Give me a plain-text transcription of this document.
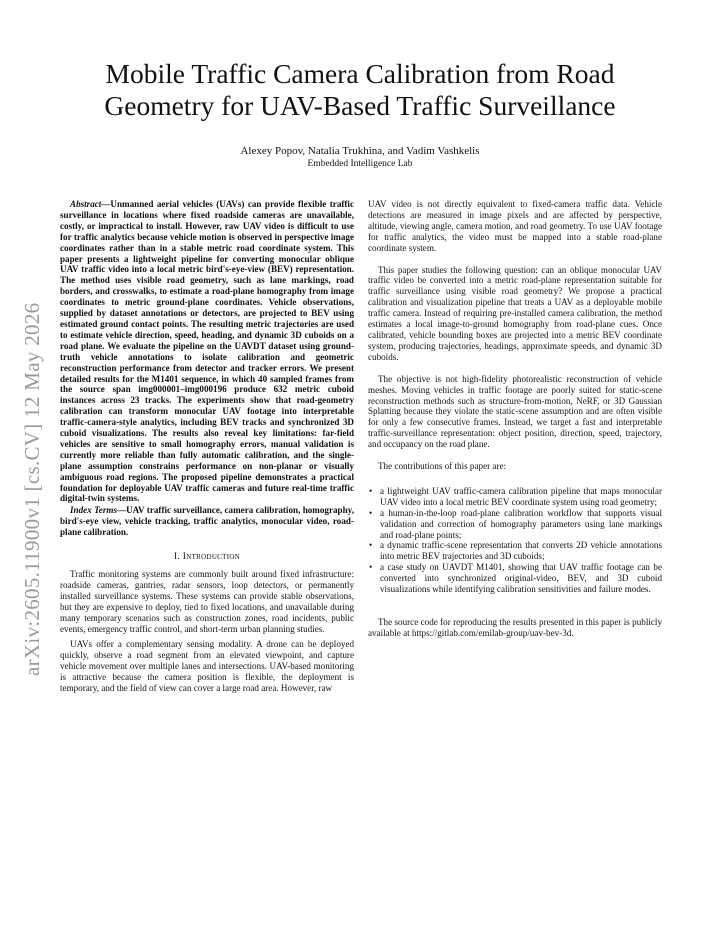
arXiv:2605.11900v1 [cs.CV] 12 May 2026
Mobile Traffic Camera Calibration from Road
Geometry for UAV-Based Traffic Surveillance
Alexey Popov, Natalia Trukhina, and Vadim Vashkelis
Embedded Intelligence Lab

Abstract—Unmanned aerial vehicles (UAVs) can provide flexible traffic surveillance in locations where fixed roadside cameras are unavailable, costly, or impractical to install. However, raw UAV video is difficult to use for traffic analytics because vehicle motion is observed in perspective image coordinates rather than in a stable metric road coordinate system. This paper presents a lightweight pipeline for converting monocular oblique UAV traffic video into a local metric bird's-eye-view (BEV) representation. The method uses visible road geometry, such as lane markings, road borders, and crosswalks, to estimate a road-plane homography from image coordinates to metric ground-plane coordinates. Vehicle observations, supplied by dataset annotations or detectors, are projected to BEV using estimated ground contact points. The resulting metric trajectories are used to estimate vehicle direction, speed, heading, and dynamic 3D cuboids on a road plane. We evaluate the pipeline on the UAVDT dataset using ground-truth vehicle annotations to isolate calibration and geometric reconstruction performance from detector and tracker errors. We present detailed results for the M1401 sequence, in which 40 sampled frames from the source span img000001–img000196 produce 632 metric cuboid instances across 23 tracks. The experiments show that road-geometry calibration can transform monocular UAV footage into interpretable traffic-camera-style analytics, including BEV tracks and synchronized 3D cuboid visualizations. The results also reveal key limitations: far-field vehicles are sensitive to small homography errors, manual validation is currently more reliable than fully automatic calibration, and the single-plane assumption constrains performance on non-planar or visually ambiguous road regions. The proposed pipeline demonstrates a practical foundation for deployable UAV traffic cameras and future real-time traffic digital-twin systems.

Index Terms—UAV traffic surveillance, camera calibration, homography, bird's-eye view, vehicle tracking, traffic analytics, monocular video, road-plane calibration.

I. Introduction

Traffic monitoring systems are commonly built around fixed infrastructure: roadside cameras, gantries, radar sensors, loop detectors, or permanently installed surveillance systems. These systems can provide stable observations, but they are expensive to deploy, tied to fixed locations, and unavailable during many temporary scenarios such as construction zones, road incidents, public events, emergency traffic control, and short-term urban planning studies.

UAVs offer a complementary sensing modality. A drone can be deployed quickly, observe a road segment from an elevated viewpoint, and capture vehicle movement over multiple lanes and intersections. UAV-based monitoring is attractive because the camera position is flexible, the deployment is temporary, and the field of view can cover a large road area. However, raw

UAV video is not directly equivalent to fixed-camera traffic data. Vehicle detections are measured in image pixels and are affected by perspective, altitude, viewing angle, camera motion, and road geometry. To use UAV footage for traffic analytics, the video must be mapped into a stable road-plane coordinate system.

This paper studies the following question: can an oblique monocular UAV traffic video be converted into a metric road-plane representation suitable for traffic surveillance using visible road geometry? We propose a practical calibration and visualization pipeline that treats a UAV as a deployable mobile traffic camera. Instead of requiring pre-installed camera calibration, the method estimates a local image-to-ground homography from road-plane cues. Once calibrated, vehicle bounding boxes are projected into a metric BEV coordinate system, producing trajectories, headings, approximate speeds, and dynamic 3D cuboids.

The objective is not high-fidelity photorealistic reconstruction of vehicle meshes. Moving vehicles in traffic footage are poorly suited for static-scene reconstruction methods such as structure-from-motion, NeRF, or 3D Gaussian Splatting because they violate the static-scene assumption and are often visible for only a few consecutive frames. Instead, we target a fast and interpretable traffic-surveillance representation: object position, direction, speed, trajectory, and occupancy on the road plane.

The contributions of this paper are:

• a lightweight UAV traffic-camera calibration pipeline that maps monocular UAV video into a local metric BEV coordinate system using road geometry;
• a human-in-the-loop road-plane calibration workflow that supports visual validation and correction of homography parameters using lane markings and road-plane points;
• a dynamic traffic-scene representation that converts 2D vehicle annotations into metric BEV trajectories and 3D cuboids;
• a case study on UAVDT M1401, showing that UAV traffic footage can be converted into synchronized original-video, BEV, and 3D cuboid visualizations while identifying calibration sensitivities and failure modes.

The source code for reproducing the results presented in this paper is publicly available at https://gitlab.com/emilab-group/uav-bev-3d.
